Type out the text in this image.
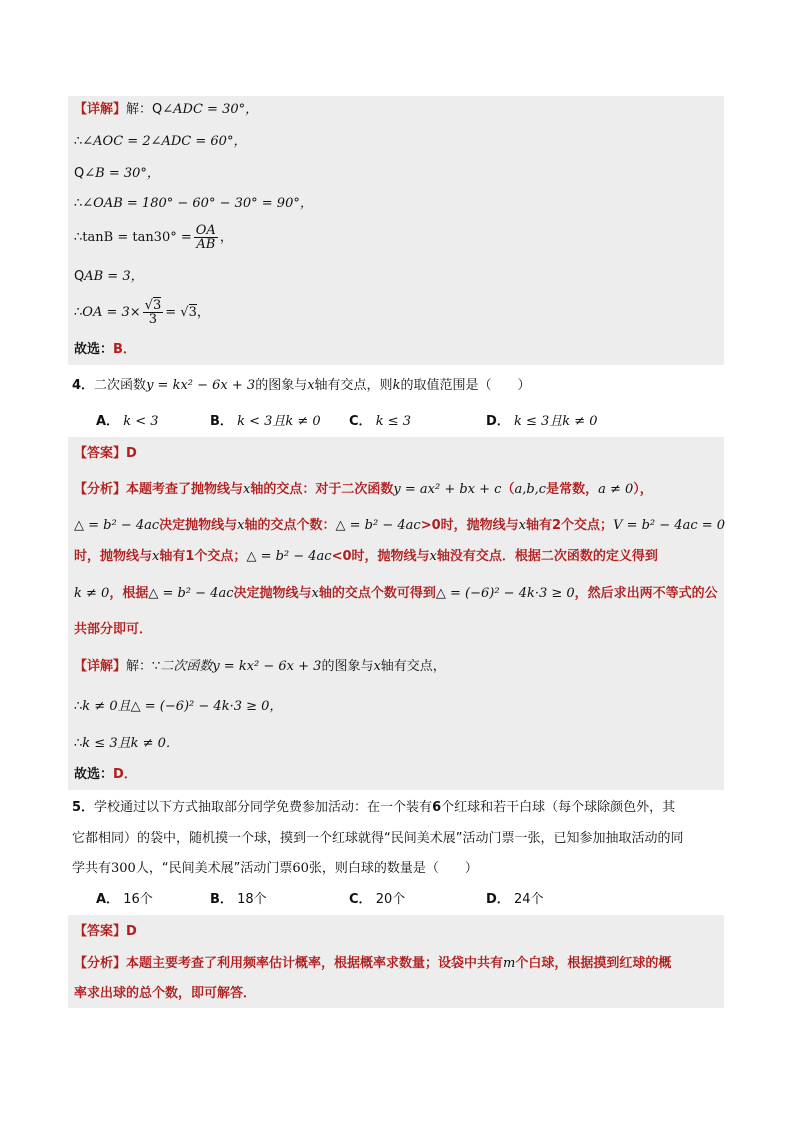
【详解】解：Q∠ADC = 30°，
∴∠AOC = 2∠ADC = 60°，
Q∠B = 30°，
∴∠OAB = 180° − 60° − 30° = 90°，
∴tanB = $\tan 30^\circ = \frac{OA}{AB}$ ，
QAB = 3，
∴OA = $3\times \frac{√3}{3} = √3$，
故选：B．
4．二次函数y = kx² − 6x + 3的图象与x轴有交点，则k的取值范围是（　　）
A． k < 3	B． k < 3且k ≠ 0 C． k ≤ 3	D． k ≤ 3且k ≠ 0
【答案】D
【分析】本题考查了抛物线与x轴的交点：对于二次函数y = ax² + bx + c（a,b,c是常数，a ≠ 0），
△ = b² − 4ac决定抛物线与x轴的交点个数：△ = b² − 4ac>0时，抛物线与x轴有2个交点；V = b² − 4ac = 0
时，抛物线与x轴有1个交点；△ = b² − 4ac<0时，抛物线与x轴没有交点．根据二次函数的定义得到
k ≠ 0，根据△ = b² − 4ac决定抛物线与x轴的交点个数可得到△ = (−6)² − 4k·3 ≥ 0，然后求出两不等式的公
共部分即可．
【详解】解：∵二次函数y = kx² − 6x + 3的图象与x轴有交点，
∴k ≠ 0且△ = (−6)² − 4k·3 ≥ 0，
∴k ≤ 3且k ≠ 0．
故选：D．
5．学校通过以下方式抽取部分同学免费参加活动：在一个装有6个红球和若干白球（每个球除颜色外，其
它都相同）的袋中，随机摸一个球，摸到一个红球就得“民间美术展”活动门票一张，已知参加抽取活动的同
学共有300人，“民间美术展”活动门票60张，则白球的数量是（　　）
A． 16个	B． 18个	C． 20个	D． 24个
【答案】D
【分析】本题主要考查了利用频率估计概率，根据概率求数量；设袋中共有m个白球，根据摸到红球的概
率求出球的总个数，即可解答．
